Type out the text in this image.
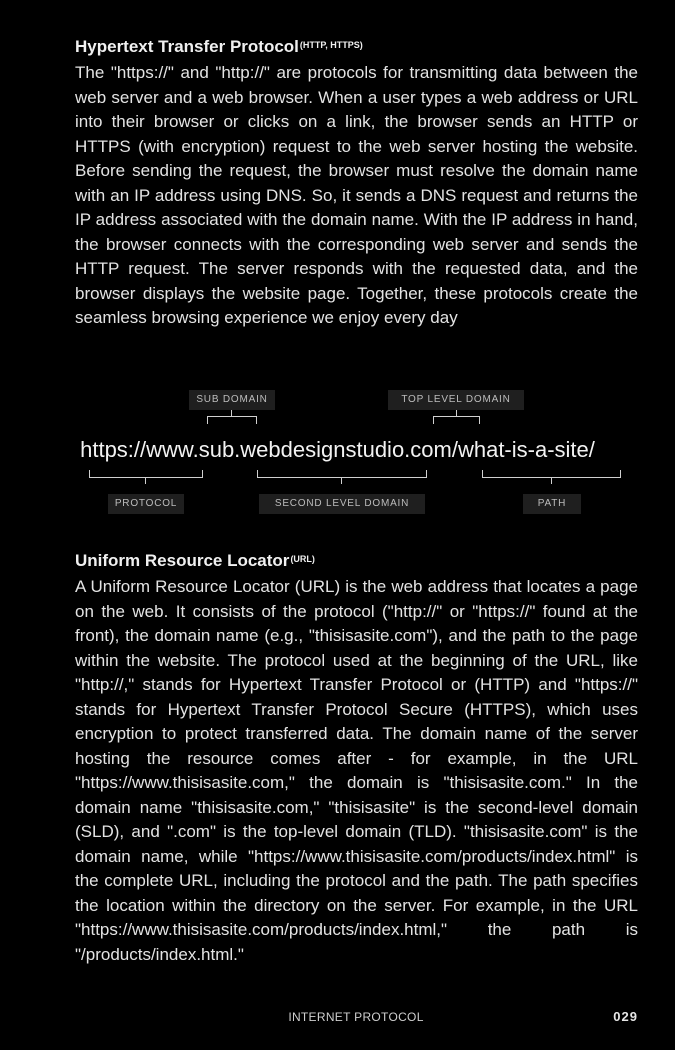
Hypertext Transfer Protocol$^{(HTTP, HTTPS)}$

The "https://" and "http://" are protocols for transmitting data between the web server and a web browser. When a user types a web address or URL into their browser or clicks on a link, the browser sends an HTTP or HTTPS (with encryption) request to the web server hosting the website. Before sending the request, the browser must resolve the domain name with an IP address using DNS. So, it sends a DNS request and returns the IP address associated with the domain name. With the IP address in hand, the browser connects with the corresponding web server and sends the HTTP request. The server responds with the requested data, and the browser displays the website page. Together, these protocols create the seamless browsing experience we enjoy every day

SUB DOMAIN	TOP LEVEL DOMAIN
https://www.sub.webdesignstudio.com/what-is-a-site/
PROTOCOL	SECOND LEVEL DOMAIN	PATH
Uniform Resource Locator$^{(URL)}$

A Uniform Resource Locator (URL) is the web address that locates a page on the web. It consists of the protocol ("http://" or "https://" found at the front), the domain name (e.g., "thisisasite.com"), and the path to the page within the website. The protocol used at the beginning of the URL, like "http://," stands for Hypertext Transfer Protocol or (HTTP) and "https://" stands for Hypertext Transfer Protocol Secure (HTTPS), which uses encryption to protect transferred data. The domain name of the server hosting the resource comes after - for example, in the URL "https://www.thisisasite.com," the domain is "thisisasite.com." In the domain name "thisisasite.com," "thisisasite" is the second-level domain (SLD), and ".com" is the top-level domain (TLD). "thisisasite.com" is the domain name, while "https://www.thisisasite.com/products/index.html" is the complete URL, including the protocol and the path. The path specifies the location within the directory on the server. For example, in the URL "https://www.thisisasite.com/products/index.html," the path is "/products/index.html."

INTERNET PROTOCOL	029
